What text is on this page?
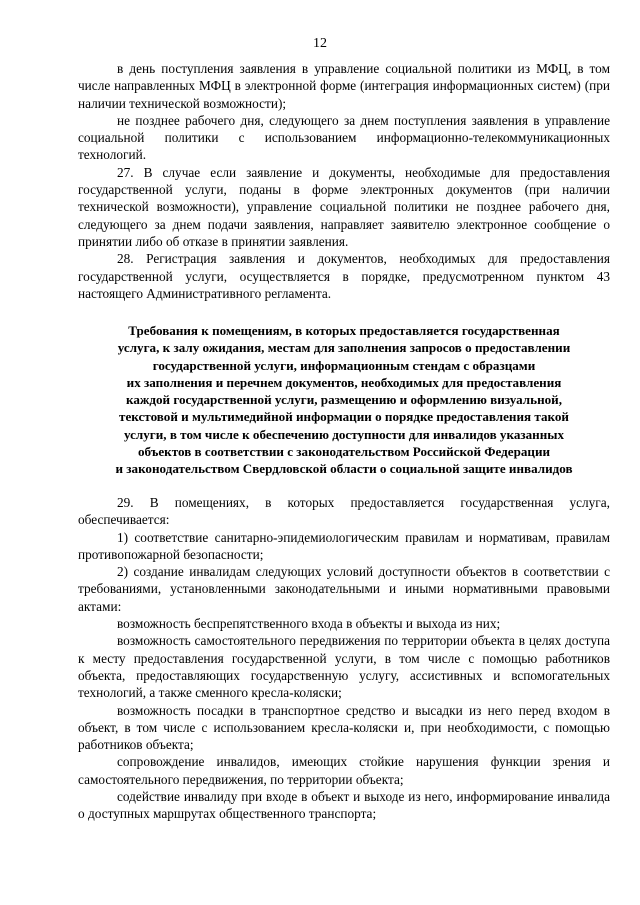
12

в день поступления заявления в управление социальной политики из МФЦ, в том числе направленных МФЦ в электронной форме (интеграция информационных систем) (при наличии технической возможности);

не позднее рабочего дня, следующего за днем поступления заявления в управление социальной политики с использованием информационно-телекоммуникационных технологий.

27. В случае если заявление и документы, необходимые для предоставления государственной услуги, поданы в форме электронных документов (при наличии технической возможности), управление социальной политики не позднее рабочего дня, следующего за днем подачи заявления, направляет заявителю электронное сообщение о принятии либо об отказе в принятии заявления.

28. Регистрация заявления и документов, необходимых для предоставления государственной услуги, осуществляется в порядке, предусмотренном пунктом 43 настоящего Административного регламента.

Требования к помещениям, в которых предоставляется государственная
услуга, к залу ожидания, местам для заполнения запросов о предоставлении
государственной услуги, информационным стендам с образцами
их заполнения и перечнем документов, необходимых для предоставления
каждой государственной услуги, размещению и оформлению визуальной,
текстовой и мультимедийной информации о порядке предоставления такой
услуги, в том числе к обеспечению доступности для инвалидов указанных
объектов в соответствии с законодательством Российской Федерации
и законодательством Свердловской области о социальной защите инвалидов

29. В помещениях, в которых предоставляется государственная услуга, обеспечивается:

1) соответствие санитарно-эпидемиологическим правилам и нормативам, правилам противопожарной безопасности;

2) создание инвалидам следующих условий доступности объектов в соответствии с требованиями, установленными законодательными и иными нормативными правовыми актами:

возможность беспрепятственного входа в объекты и выхода из них;

возможность самостоятельного передвижения по территории объекта в целях доступа к месту предоставления государственной услуги, в том числе с помощью работников объекта, предоставляющих государственную услугу, ассистивных и вспомогательных технологий, а также сменного кресла-коляски;

возможность посадки в транспортное средство и высадки из него перед входом в объект, в том числе с использованием кресла-коляски и, при необходимости, с помощью работников объекта;

сопровождение инвалидов, имеющих стойкие нарушения функции зрения и самостоятельного передвижения, по территории объекта;

содействие инвалиду при входе в объект и выходе из него, информирование инвалида о доступных маршрутах общественного транспорта;
